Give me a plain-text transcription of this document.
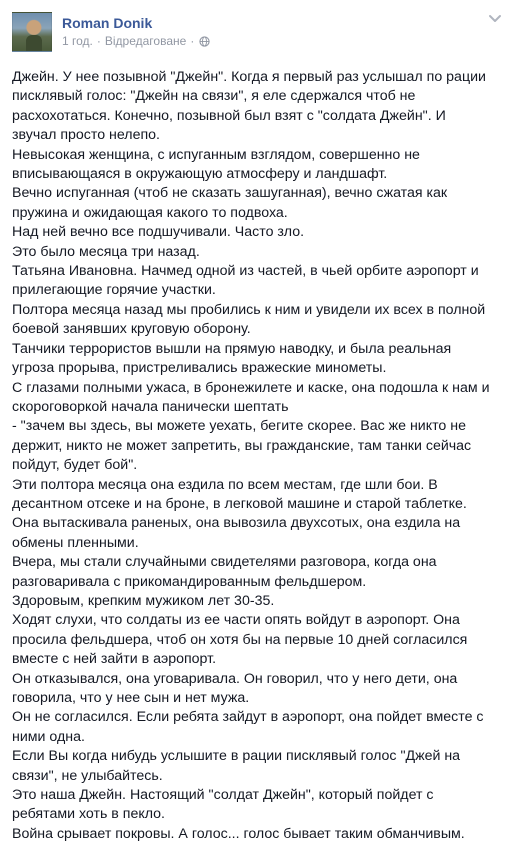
Roman Donik
1 год. · Відредаговане ·

Джейн. У нее позывной "Джейн". Когда я первый раз услышал по рации писклявый голос: "Джейн на связи", я еле сдержался чтоб не расхохотаться. Конечно, позывной был взят с "солдата Джейн". И звучал просто нелепо.

Невысокая женщина, с испуганным взглядом, совершенно не вписывающаяся в окружающую атмосферу и ландшафт.

Вечно испуганная (чтоб не сказать зашуганная), вечно сжатая как пружина и ожидающая какого то подвоха.

Над ней вечно все подшучивали. Часто зло.

Это было месяца три назад.

Татьяна Ивановна. Начмед одной из частей, в чьей орбите аэропорт и прилегающие горячие участки.

Полтора месяца назад мы пробились к ним и увидели их всех в полной боевой занявших круговую оборону.

Танчики террористов вышли на прямую наводку, и была реальная угроза прорыва, пристреливались вражеские минометы.

С глазами полными ужаса, в бронежилете и каске, она подошла к нам и скороговоркой начала панически шептать

- "зачем вы здесь, вы можете уехать, бегите скорее. Вас же никто не держит, никто не может запретить, вы гражданские, там танки сейчас пойдут, будет бой".

Эти полтора месяца она ездила по всем местам, где шли бои. В десантном отсеке и на броне, в легковой машине и старой таблетке.

Она вытаскивала раненых, она вывозила двухсотых, она ездила на обмены пленными.

Вчера, мы стали случайными свидетелями разговора, когда она разговаривала с прикомандированным фельдшером.

Здоровым, крепким мужиком лет 30-35.

Ходят слухи, что солдаты из ее части опять войдут в аэропорт. Она просила фельдшера, чтоб он хотя бы на первые 10 дней согласился вместе с ней зайти в аэропорт.

Он отказывался, она уговаривала. Он говорил, что у него дети, она говорила, что у нее сын и нет мужа.

Он не согласился. Если ребята зайдут в аэропорт, она пойдет вместе с ними одна.

Если Вы когда нибудь услышите в рации писклявый голос "Джей на связи", не улыбайтесь.

Это наша Джейн. Настоящий "солдат Джейн", который пойдет с ребятами хоть в пекло.

Война срывает покровы. А голос... голос бывает таким обманчивым.
